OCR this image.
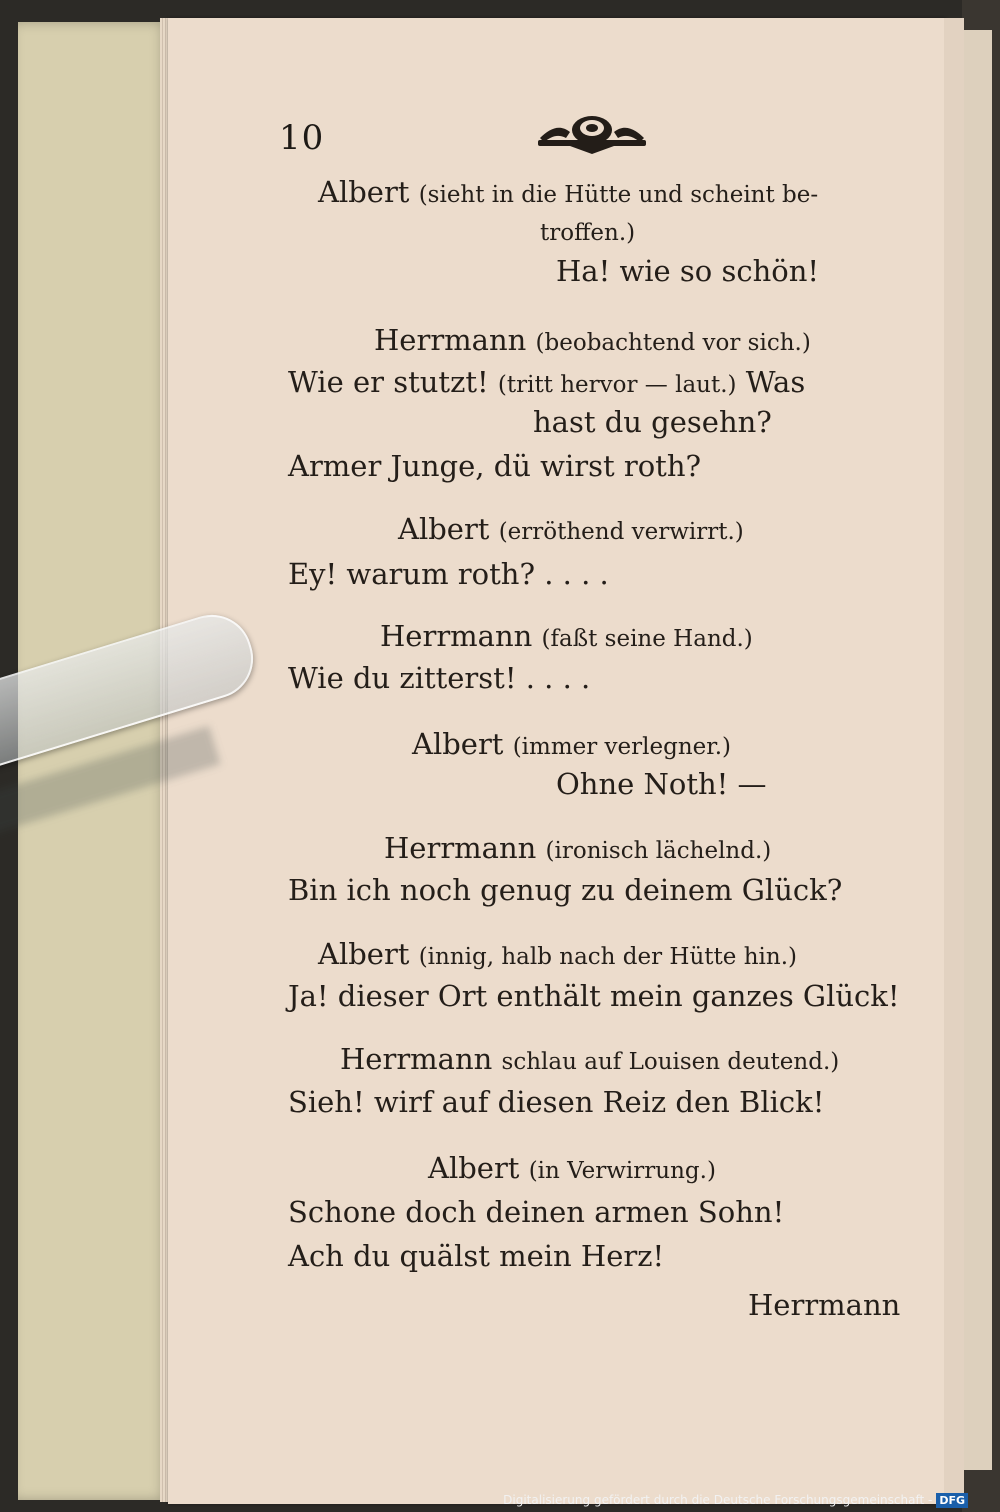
10
Albert (sieht in die Hütte und scheint be-
troffen.)
Ha! wie so schön!
Herrmann (beobachtend vor sich.)
Wie er stutzt! (tritt hervor — laut.) Was
hast du gesehn?
Armer Junge, dü wirst roth?
Albert (erröthend verwirrt.)
Ey! warum roth? . . . .
Herrmann (faßt seine Hand.)
Wie du zitterst! . . . .
Albert (immer verlegner.)
Ohne Noth! —
Herrmann (ironisch lächelnd.)
Bin ich noch genug zu deinem Glück?
Albert (innig, halb nach der Hütte hin.)
Ja! dieser Ort enthält mein ganzes Glück!
Herrmann schlau auf Louisen deutend.)
Sieh! wirf auf diesen Reiz den Blick!
Albert (in Verwirrung.)
Schone doch deinen armen Sohn!
Ach du quälst mein Herz!
Herrmann
Digitalisierung gefördert durch die Deutsche Forschungsgemeinschaft - DFG
